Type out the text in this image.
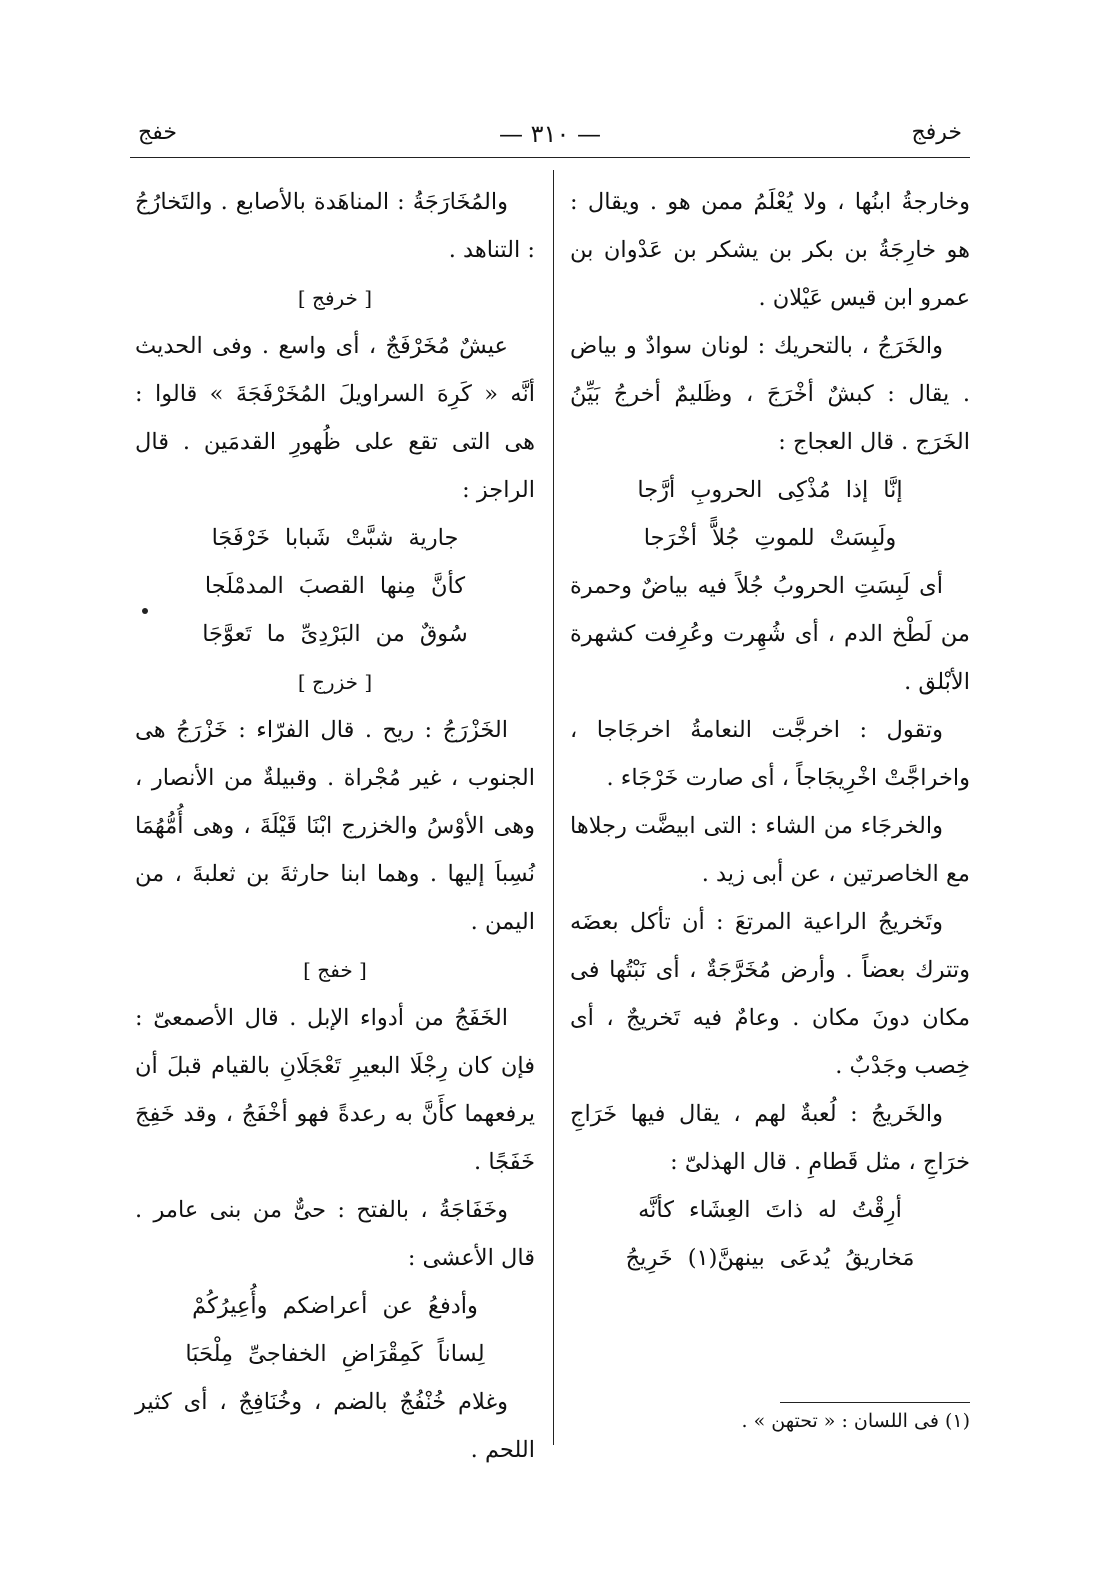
خرفج
— ٣١٠ —
خفج

وخارجةُ ابنُها ، ولا يُعْلَمُ ممن هو . ويقال : هو خارِجَةُ بن بكر بن يشكر بن عَدْوان بن عمرو ابن قيس عَيْلان .

والخَرَجُ ، بالتحريك : لونان سوادٌ و بياض . يقال : كبشٌ أخْرَجَ ، وظَليمٌ أخرجُ بَيِّنُ الخَرَج . قال العجاج :

إنَّا إذا مُذْكِى الحروبِ أرَّجا

ولَبِسَتْ للموتِ جُلاًّ أخْرَجا

أى لَبِسَتِ الحروبُ جُلاً فيه بياضٌ وحمرة من لَطْخ الدم ، أى شُهِرت وعُرِفت كشهرة الأبْلق .

وتقول : اخرجَّت النعامةُ اخرجَاجا ، واخراجَّتْ اخْرِيجَاجاً ، أى صارت خَرْجَاء .

والخرجَاء من الشاء : التى ابيضَّت رجلاها مع الخاصرتين ، عن أبى زيد .

وتَخريجُ الراعية المرتعَ : أن تأكل بعضَه وتترك بعضاً . وأرض مُخَرَّجَةٌ ، أى نَبْتُها فى مكان دونَ مكان . وعامٌ فيه تَخريجٌ ، أى خِصب وجَدْبٌ .

والخَريجُ : لُعبةٌ لهم ، يقال فيها خَرَاجِ خرَاجِ ، مثل قَطامِ . قال الهذلىّ :

أرِقْتُ له ذاتَ العِشَاء كأنَّه

مَخاريقُ يُدعَى بينهنَّ(١) خَرِيجُ

والمُخَارَجَةُ : المناهَدة بالأصابع . والتَخارُجُ : التناهد .

[ خرفج ]

عيشٌ مُخَرْفَجٌ ، أى واسع . وفى الحديث أنَّه « كَرِهَ السراويلَ المُخَرْفَجَةَ » قالوا : هى التى تقع على ظُهورِ القدمَين . قال الراجز :

جارية شبَّتْ شَبابا خَرْفَجَا

كأنَّ مِنها القصبَ المدمْلَجا

سُوقٌ من البَرْدِىِّ ما تَعوَّجَا

[ خزرج ]

الخَزْرَجُ : ريح . قال الفرّاء : خَزْرَجُ هى الجنوب ، غير مُجْراة . وقبيلةٌ من الأنصار ، وهى الأوْسُ والخزرج ابْنَا قَيْلَةَ ، وهى أُمُّهُمَا نُسِباَ إليها . وهما ابنا حارثةَ بن ثعلبةَ ، من اليمن .

[ خفج ]

الخَفَجُ من أدواء الإبل . قال الأصمعىّ : فإن كان رِجْلَا البعيرِ تَعْجَلَانِ بالقيام قبلَ أن يرفعهما كأَنَّ به رعدةً فهو أخْفَجُ ، وقد خَفِجَ خَفَجًا .

وخَفَاجَةُ ، بالفتح : حىٌّ من بنى عامر . قال الأعشى :

وأدفعُ عن أعراضكم وأُعِيرُكُمْ

لِساناً كَمِقْرَاضِ الخفاجىِّ مِلْحَبَا

وغلام خُنْفُجٌ بالضم ، وخُنَافِجٌ ، أى كثير اللحم .

(١) فى اللسان : « تحتهن » .
